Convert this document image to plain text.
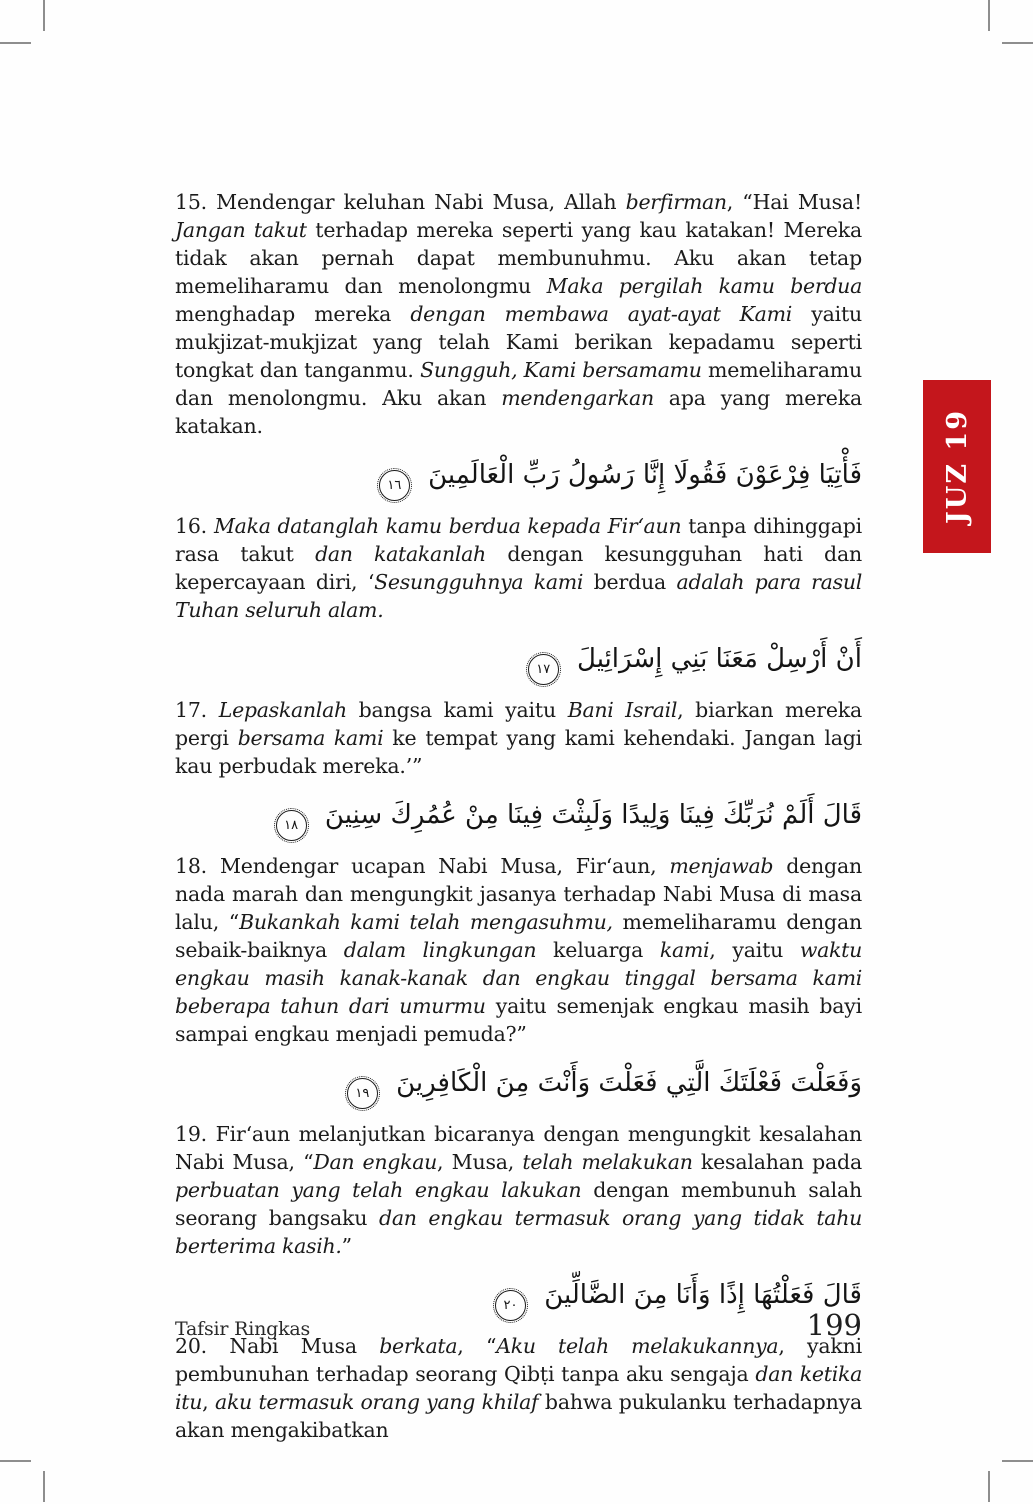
JUZ 19

15. Mendengar keluhan Nabi Musa, Allah berfirman, “Hai Musa! Jangan takut terhadap mereka seperti yang kau katakan! Mereka tidak akan pernah dapat membunuhmu. Aku akan tetap memeliharamu dan menolongmu Maka pergilah kamu berdua menghadap mereka dengan membawa ayat-ayat Kami yaitu mukjizat-mukjizat yang telah Kami berikan kepadamu seperti tongkat dan tanganmu. Sungguh, Kami bersamamu memeliharamu dan menolongmu. Aku akan mendengarkan apa yang mereka katakan.

فَأْتِيَا فِرْعَوْنَ فَقُولَا إِنَّا رَسُولُ رَبِّ الْعَالَمِينَ ١٦

16. Maka datanglah kamu berdua kepada Fir‘aun tanpa dihinggapi rasa takut dan katakanlah dengan kesungguhan hati dan kepercayaan diri, ‘Sesungguhnya kami berdua adalah para rasul Tuhan seluruh alam.

أَنْ أَرْسِلْ مَعَنَا بَنِي إِسْرَائِيلَ ١٧

17. Lepaskanlah bangsa kami yaitu Bani Israil, biarkan mereka pergi bersama kami ke tempat yang kami kehendaki. Jangan lagi kau perbudak mereka.’”

قَالَ أَلَمْ نُرَبِّكَ فِينَا وَلِيدًا وَلَبِثْتَ فِينَا مِنْ عُمُرِكَ سِنِينَ ١٨

18. Mendengar ucapan Nabi Musa, Fir‘aun, menjawab dengan nada marah dan mengungkit jasanya terhadap Nabi Musa di masa lalu, “Bukankah kami telah mengasuhmu, memeliharamu dengan sebaik-baiknya dalam lingkungan keluarga kami, yaitu waktu engkau masih kanak-kanak dan engkau tinggal bersama kami beberapa tahun dari umurmu yaitu semenjak engkau masih bayi sampai engkau menjadi pemuda?”

وَفَعَلْتَ فَعْلَتَكَ الَّتِي فَعَلْتَ وَأَنْتَ مِنَ الْكَافِرِينَ ١٩

19. Fir‘aun melanjutkan bicaranya dengan mengungkit kesalahan Nabi Musa, “Dan engkau, Musa, telah melakukan kesalahan pada perbuatan yang telah engkau lakukan dengan membunuh salah seorang bangsaku dan engkau termasuk orang yang tidak tahu berterima kasih.”

قَالَ فَعَلْتُهَا إِذًا وَأَنَا مِنَ الضَّالِّينَ ٢٠

20. Nabi Musa berkata, “Aku telah melakukannya, yakni pembunuhan terhadap seorang Qibṭi tanpa aku sengaja dan ketika itu, aku termasuk orang yang khilaf bahwa pukulanku terhadapnya akan mengakibatkan

Tafsir Ringkas	199
